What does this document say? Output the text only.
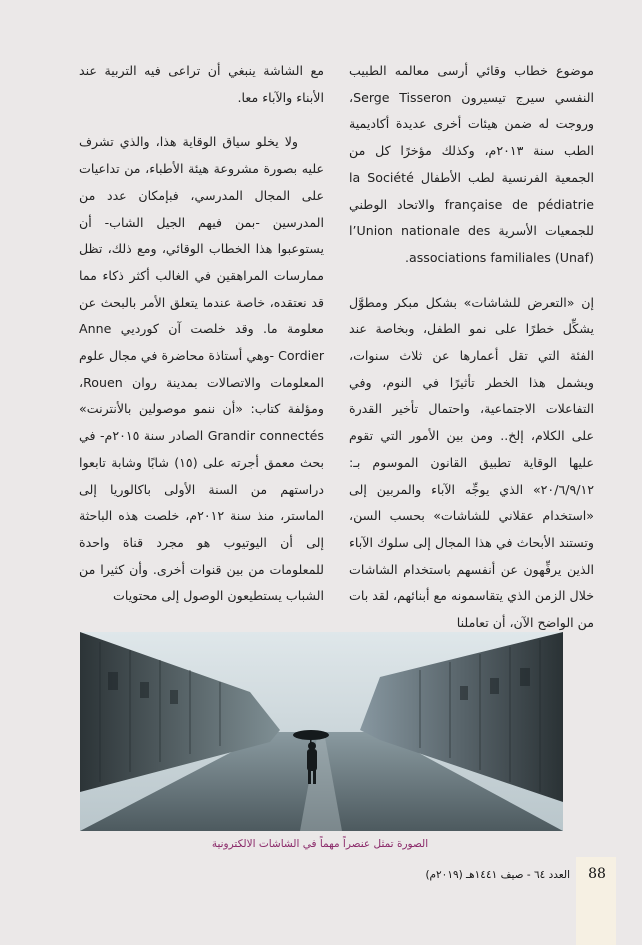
موضوع خطاب وقائي أرسى معالمه الطبيب النفسي سيرج تيسيرون Serge Tisseron، وروجت له ضمن هيئات أخرى عديدة أكاديمية الطب سنة ٢٠١٣م، وكذلك مؤخرًا كل من الجمعية الفرنسية لطب الأطفال la Société française de pédiatrie والاتحاد الوطني للجمعيات الأسرية l’Union nationale des associations familiales (Unaf).

إن «التعرض للشاشات» بشكل مبكر ومطوَّل يشكِّل خطرًا على نمو الطفل، وبخاصة عند الفئة التي تقل أعمارها عن ثلاث سنوات، ويشمل هذا الخطر تأثيرًا في النوم، وفي التفاعلات الاجتماعية، واحتمال تأخير القدرة على الكلام، إلخ.. ومن بين الأمور التي تقوم عليها الوقاية تطبيق القانون الموسوم بـ: ٢٠/٦/٩/١٢» الذي يوجِّه الآباء والمربين إلى «استخدام عقلاني للشاشات» بحسب السن، وتستند الأبحاث في هذا المجال إلى سلوك الآباء الذين يرفِّهون عن أنفسهم باستخدام الشاشات خلال الزمن الذي يتقاسمونه مع أبنائهم، لقد بات من الواضح الآن، أن تعاملنا

مع الشاشة ينبغي أن تراعى فيه التربية عند الأبناء والآباء معا.

ولا يخلو سياق الوقاية هذا، والذي تشرف عليه بصورة مشروعة هيئة الأطباء، من تداعيات على المجال المدرسي، فبإمكان عدد من المدرسين -بمن فيهم الجيل الشاب- أن يستوعبوا هذا الخطاب الوقائي، ومع ذلك، تظل ممارسات المراهقين في الغالب أكثر ذكاء مما قد نعتقده، خاصة عندما يتعلق الأمر بالبحث عن معلومة ما. وقد خلصت آن كورديي Anne Cordier -وهي أستاذة محاضرة في مجال علوم المعلومات والاتصالات بمدينة روان Rouen، ومؤلفة كتاب: «أن ننمو موصولين بالأنترنت» Grandir connectés الصادر سنة ٢٠١٥م- في بحث معمق أجرته على (١٥) شابًا وشابة تابعوا دراستهم من السنة الأولى باكالوريا إلى الماستر، منذ سنة ٢٠١٢م، خلصت هذه الباحثة إلى أن اليوتيوب هو مجرد قناة واحدة للمعلومات من بين قنوات أخرى. وأن كثيرا من الشباب يستطيعون الوصول إلى محتويات

الصورة تمثل عنصراً مهماً في الشاشات الالكترونية
88
العدد ٦٤ - صيف ١٤٤١هـ (٢٠١٩م)
